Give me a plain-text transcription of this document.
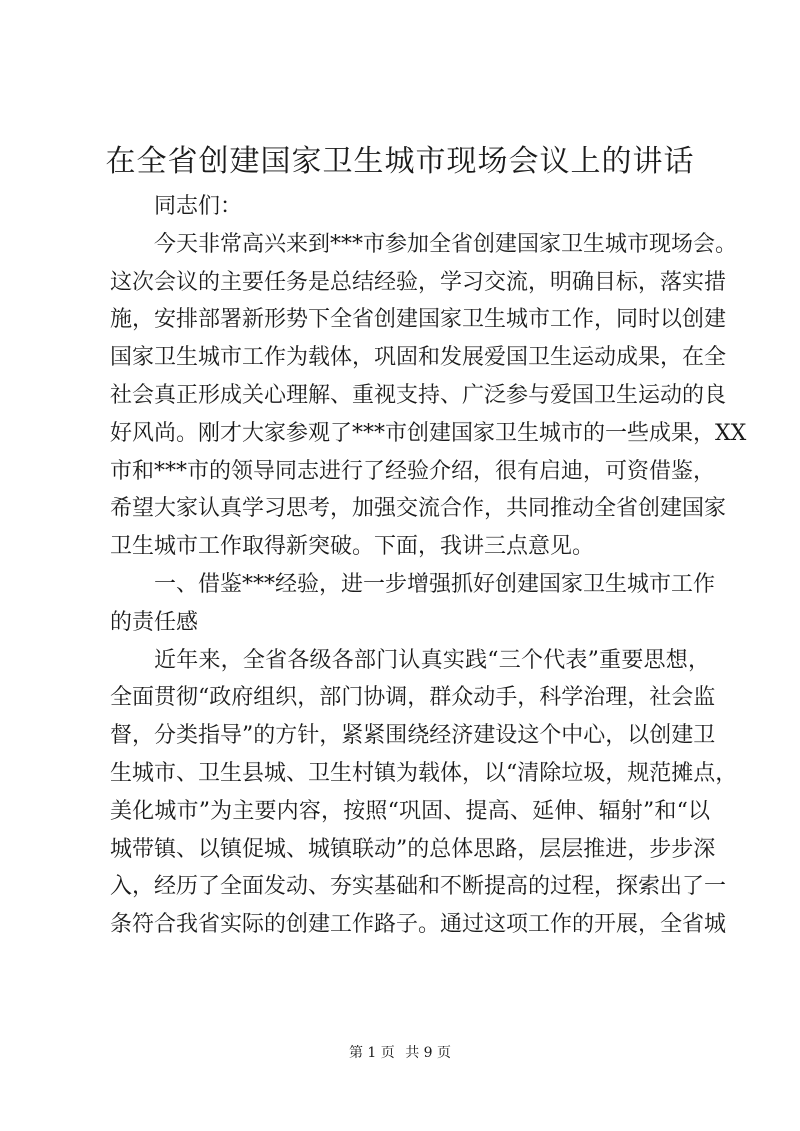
在全省创建国家卫生城市现场会议上的讲话
同志们：
今天非常高兴来到***市参加全省创建国家卫生城市现场会。
这次会议的主要任务是总结经验，学习交流，明确目标，落实措
施，安排部署新形势下全省创建国家卫生城市工作，同时以创建
国家卫生城市工作为载体，巩固和发展爱国卫生运动成果，在全
社会真正形成关心理解、重视支持、广泛参与爱国卫生运动的良
好风尚。刚才大家参观了***市创建国家卫生城市的一些成果，XX
市和***市的领导同志进行了经验介绍，很有启迪，可资借鉴，
希望大家认真学习思考，加强交流合作，共同推动全省创建国家
卫生城市工作取得新突破。下面，我讲三点意见。
一、借鉴***经验，进一步增强抓好创建国家卫生城市工作
的责任感
近年来，全省各级各部门认真实践“三个代表”重要思想，
全面贯彻“政府组织，部门协调，群众动手，科学治理，社会监
督，分类指导”的方针，紧紧围绕经济建设这个中心，以创建卫
生城市、卫生县城、卫生村镇为载体，以“清除垃圾，规范摊点，
美化城市”为主要内容，按照“巩固、提高、延伸、辐射”和“以
城带镇、以镇促城、城镇联动”的总体思路，层层推进，步步深
入，经历了全面发动、夯实基础和不断提高的过程，探索出了一
条符合我省实际的创建工作路子。通过这项工作的开展，全省城
第 1 页 共 9 页
